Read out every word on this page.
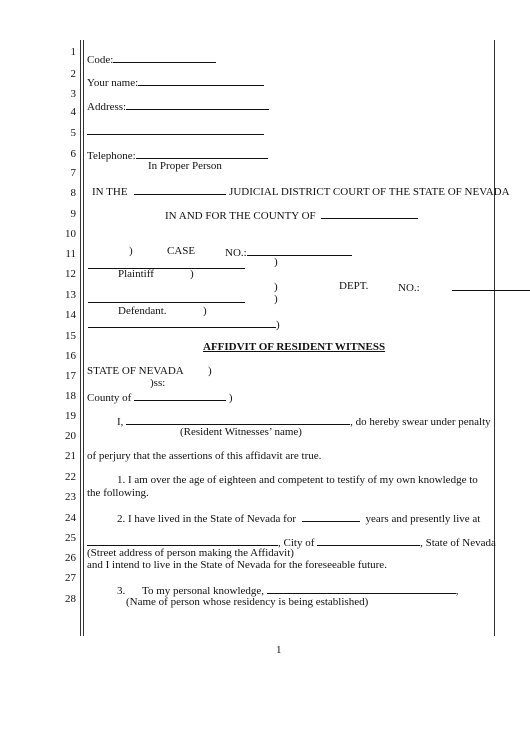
1
2
3
4
5
6
7
8
9
10
11
12
13
14
15
16
17
18
19
20
21
22
23
24
25
26
27
28
Code:
Your name:
Address:
Telephone:
In Proper Person
IN THE	JUDICIAL DISTRICT COURT OF THE STATE OF NEVADA
IN AND FOR THE COUNTY OF
)	CASE	NO.:
)
Plaintiff	)
)	DEPT.	NO.:
)
Defendant.	)
)
AFFIDVIT OF RESIDENT WITNESS
STATE OF NEVADA )
)ss:
County of	)
I,	, do hereby swear under penalty
(Resident Witnesses’ name)
of perjury that the assertions of this affidavit are true.
1. I am over the age of eighteen and competent to testify of my own knowledge to
the following.
2. I have lived in the State of Nevada for	years and presently live at
, City of	, State of Nevada
(Street address of person making the Affidavit)
and I intend to live in the State of Nevada for the foreseeable future.
3. To my personal knowledge,	,
(Name of person whose residency is being established)
1
